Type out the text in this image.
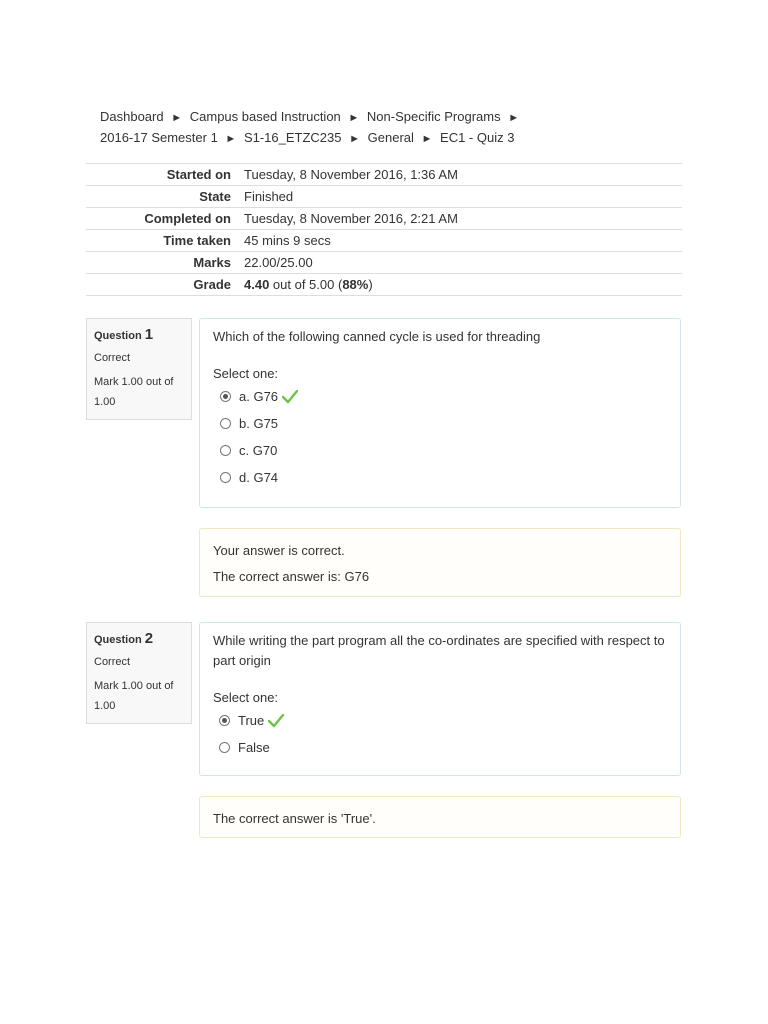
Dashboard ► Campus based Instruction ► Non-Specific Programs ►
2016-17 Semester 1 ► S1-16_ETZC235 ► General ► EC1 - Quiz 3
Started on	Tuesday, 8 November 2016, 1:36 AM
State	Finished
Completed on	Tuesday, 8 November 2016, 2:21 AM
Time taken	45 mins 9 secs
Marks	22.00/25.00
Grade	4.40 out of 5.00 (88%)
Question 1
Correct
Mark 1.00 out of 1.00
Which of the following canned cycle is used for threading
Select one:
a. G76
b. G75
c. G70
d. G74
Your answer is correct.
The correct answer is: G76
Question 2
Correct
Mark 1.00 out of 1.00
While writing the part program all the co-ordinates are specified with respect to part origin
Select one:
True
False
The correct answer is 'True'.
